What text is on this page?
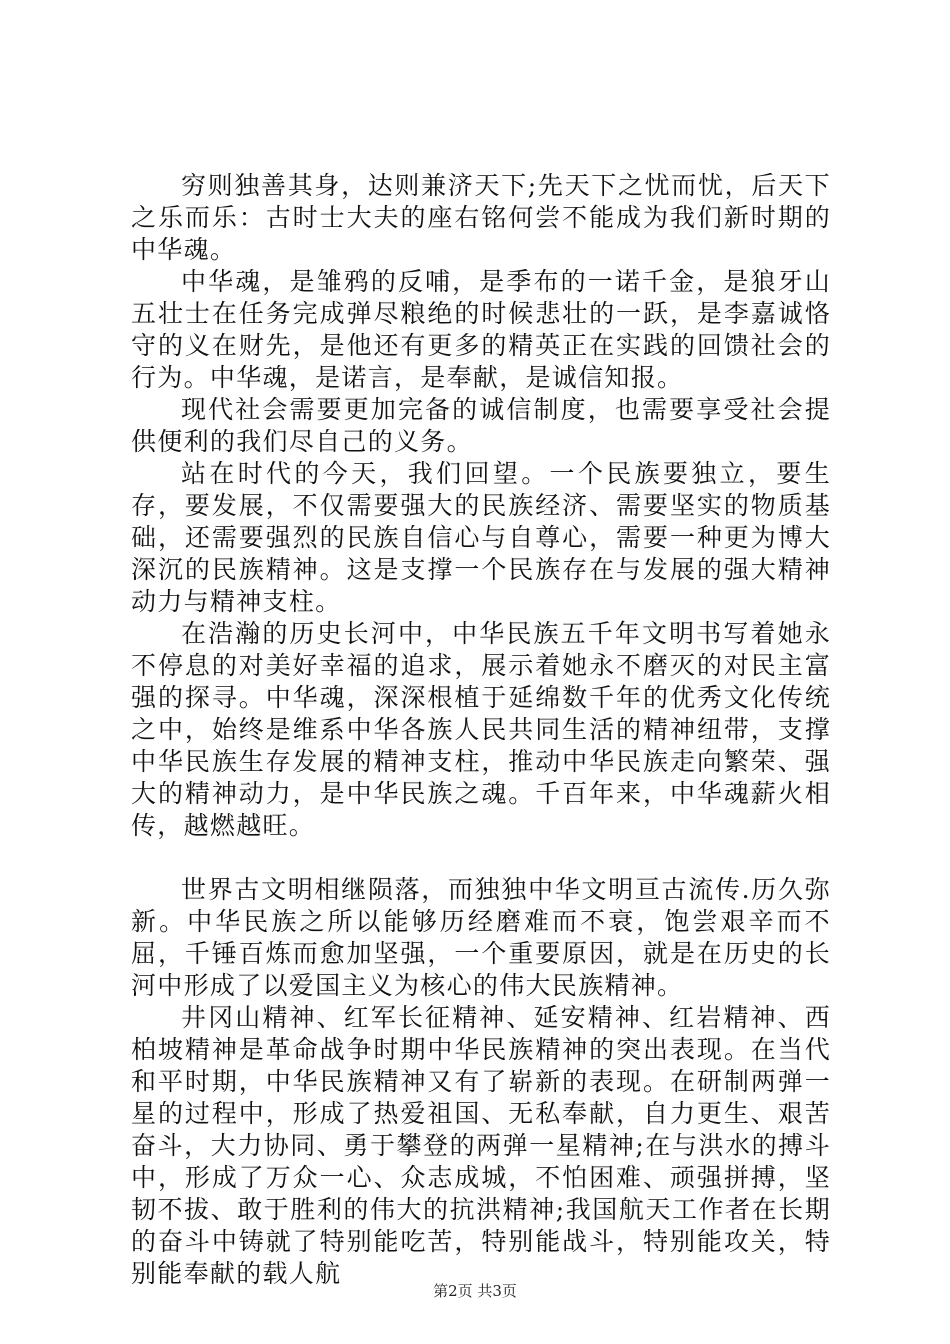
穷则独善其身，达则兼济天下;先天下之忧而忧，后天下之乐而乐：古时士大夫的座右铭何尝不能成为我们新时期的中华魂。

中华魂，是雏鸦的反哺，是季布的一诺千金，是狼牙山五壮士在任务完成弹尽粮绝的时候悲壮的一跃，是李嘉诚恪守的义在财先，是他还有更多的精英正在实践的回馈社会的行为。中华魂，是诺言，是奉献，是诚信知报。

现代社会需要更加完备的诚信制度，也需要享受社会提供便利的我们尽自己的义务。

站在时代的今天，我们回望。一个民族要独立，要生存，要发展，不仅需要强大的民族经济、需要坚实的物质基础，还需要强烈的民族自信心与自尊心，需要一种更为博大深沉的民族精神。这是支撑一个民族存在与发展的强大精神动力与精神支柱。

在浩瀚的历史长河中，中华民族五千年文明书写着她永不停息的对美好幸福的追求，展示着她永不磨灭的对民主富强的探寻。中华魂，深深根植于延绵数千年的优秀文化传统之中，始终是维系中华各族人民共同生活的精神纽带，支撑中华民族生存发展的精神支柱，推动中华民族走向繁荣、强大的精神动力，是中华民族之魂。千百年来，中华魂薪火相传，越燃越旺。

世界古文明相继陨落，而独独中华文明亘古流传.历久弥新。中华民族之所以能够历经磨难而不衰，饱尝艰辛而不屈，千锤百炼而愈加坚强，一个重要原因，就是在历史的长河中形成了以爱国主义为核心的伟大民族精神。

井冈山精神、红军长征精神、延安精神、红岩精神、西柏坡精神是革命战争时期中华民族精神的突出表现。在当代和平时期，中华民族精神又有了崭新的表现。在研制两弹一星的过程中，形成了热爱祖国、无私奉献，自力更生、艰苦奋斗，大力协同、勇于攀登的两弹一星精神;在与洪水的搏斗中，形成了万众一心、众志成城，不怕困难、顽强拼搏，坚韧不拔、敢于胜利的伟大的抗洪精神;我国航天工作者在长期的奋斗中铸就了特别能吃苦，特别能战斗，特别能攻关，特别能奉献的载人航

第2页 共3页
